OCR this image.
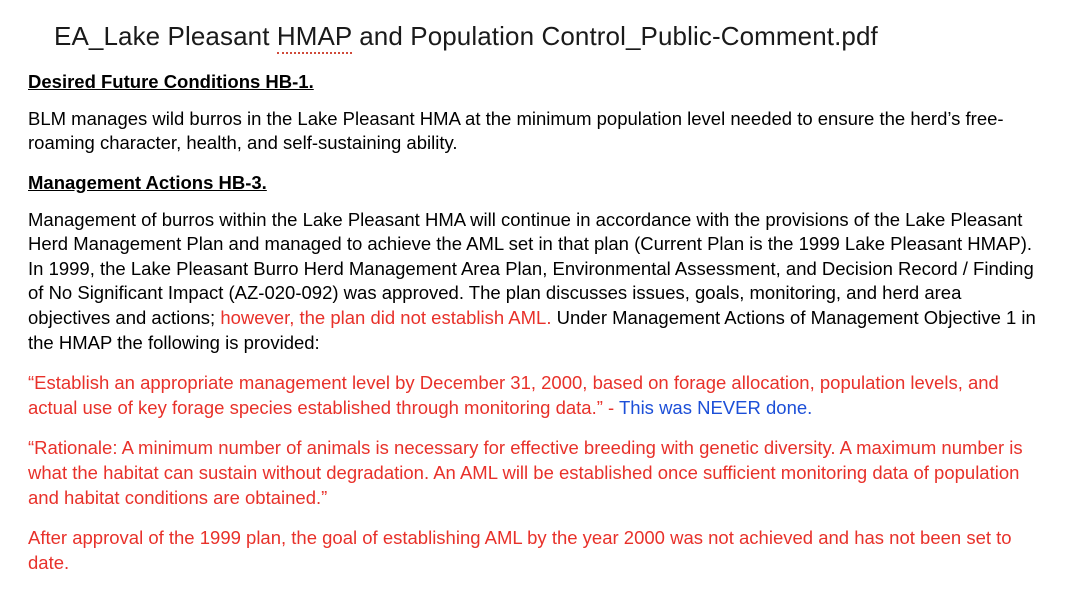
EA_Lake Pleasant HMAP and Population Control_Public-Comment.pdf
Desired Future Conditions HB-1.

BLM manages wild burros in the Lake Pleasant HMA at the minimum population level needed to ensure the herd’s free-roaming character, health, and self-sustaining ability.

Management Actions HB-3.

Management of burros within the Lake Pleasant HMA will continue in accordance with the provisions of the Lake Pleasant Herd Management Plan and managed to achieve the AML set in that plan (Current Plan is the 1999 Lake Pleasant HMAP). In 1999, the Lake Pleasant Burro Herd Management Area Plan, Environmental Assessment, and Decision Record / Finding of No Significant Impact (AZ-020-092) was approved. The plan discusses issues, goals, monitoring, and herd area objectives and actions; however, the plan did not establish AML. Under Management Actions of Management Objective 1 in the HMAP the following is provided:

“Establish an appropriate management level by December 31, 2000, based on forage allocation, population levels, and actual use of key forage species established through monitoring data.” - This was NEVER done.

“Rationale: A minimum number of animals is necessary for effective breeding with genetic diversity. A maximum number is what the habitat can sustain without degradation. An AML will be established once sufficient monitoring data of population and habitat conditions are obtained.”

After approval of the 1999 plan, the goal of establishing AML by the year 2000 was not achieved and has not been set to date.
